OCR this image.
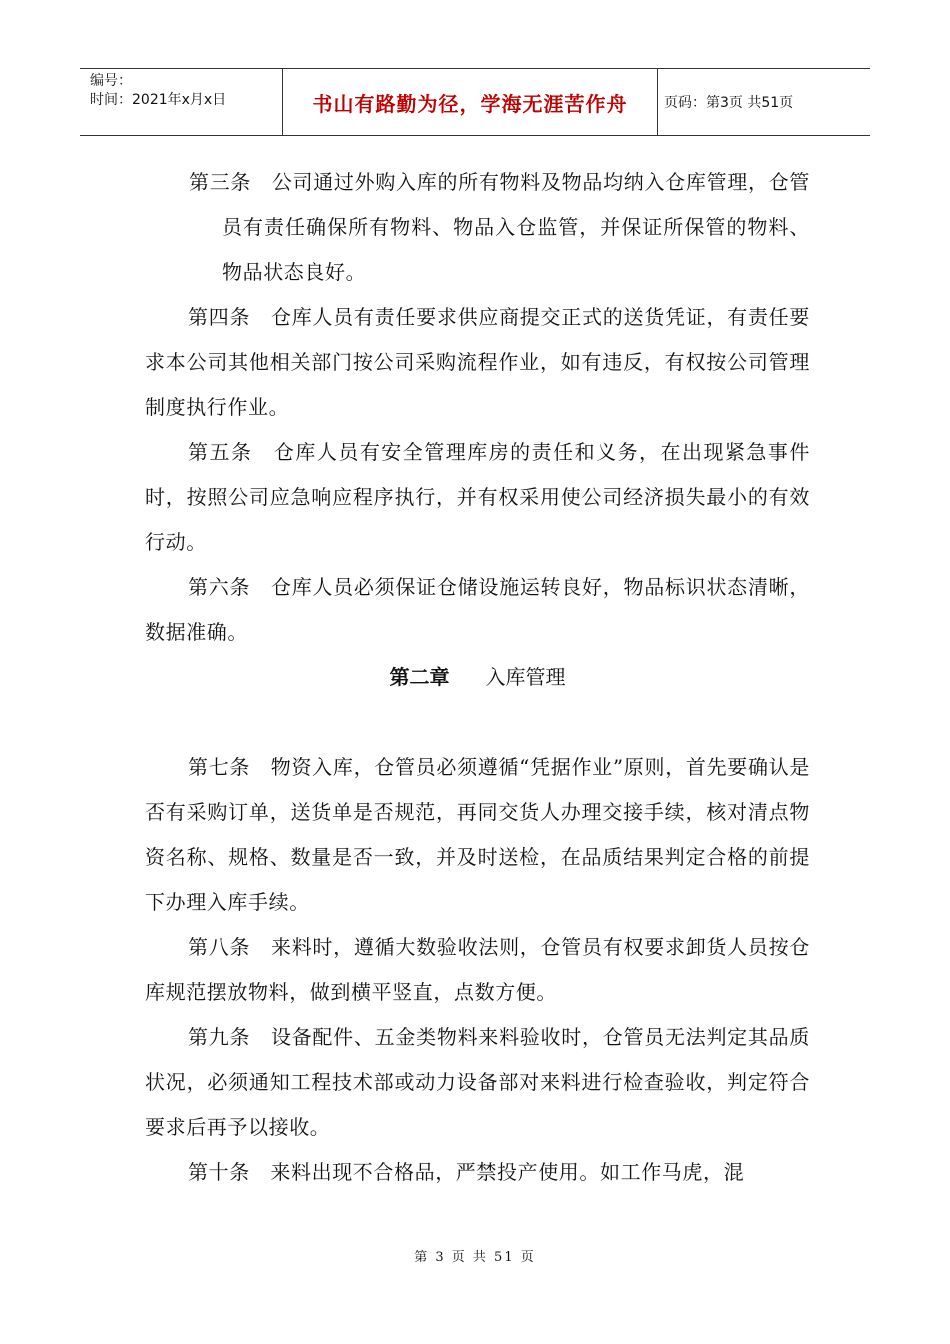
编号：
时间：2021年x月x日	书山有路勤为径，学海无涯苦作舟	页码：第3页 共51页

第三条　公司通过外购入库的所有物料及物品均纳入仓库管理，仓管员有责任确保所有物料、物品入仓监管，并保证所保管的物料、物品状态良好。

第四条　仓库人员有责任要求供应商提交正式的送货凭证，有责任要求本公司其他相关部门按公司采购流程作业，如有违反，有权按公司管理制度执行作业。

第五条　仓库人员有安全管理库房的责任和义务，在出现紧急事件时，按照公司应急响应程序执行，并有权采用使公司经济损失最小的有效行动。

第六条　仓库人员必须保证仓储设施运转良好，物品标识状态清晰，数据准确。

第二章 入库管理

第七条　物资入库，仓管员必须遵循“凭据作业”原则，首先要确认是否有采购订单，送货单是否规范，再同交货人办理交接手续，核对清点物资名称、规格、数量是否一致，并及时送检，在品质结果判定合格的前提下办理入库手续。

第八条　来料时，遵循大数验收法则，仓管员有权要求卸货人员按仓库规范摆放物料，做到横平竖直，点数方便。

第九条　设备配件、五金类物料来料验收时，仓管员无法判定其品质状况，必须通知工程技术部或动力设备部对来料进行检查验收，判定符合要求后再予以接收。

第十条　来料出现不合格品，严禁投产使用。如工作马虎，混

第 3 页 共 51 页
